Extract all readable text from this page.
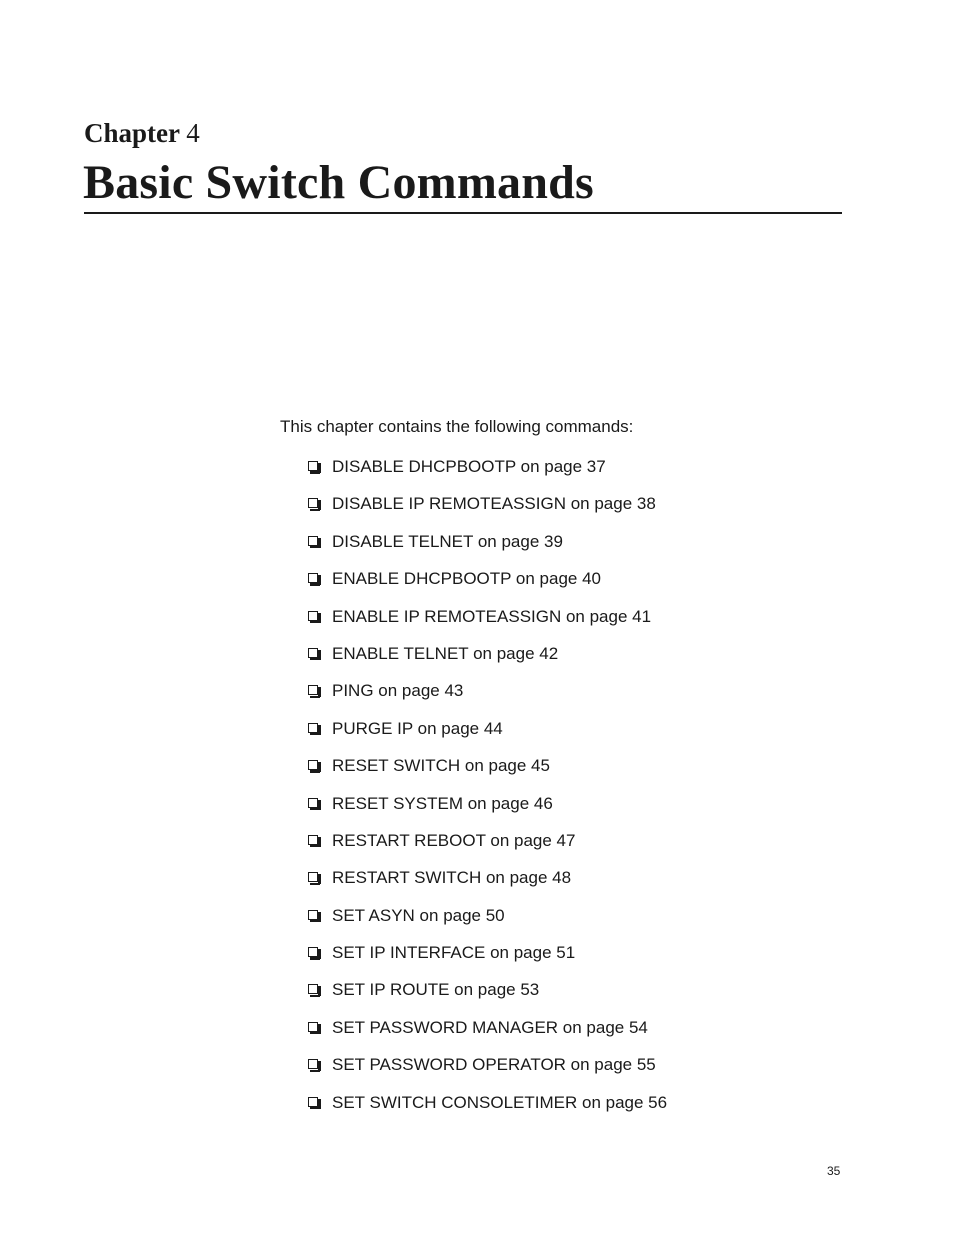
Chapter 4
Basic Switch Commands

This chapter contains the following commands:

DISABLE DHCPBOOTP on page 37
DISABLE IP REMOTEASSIGN on page 38
DISABLE TELNET on page 39
ENABLE DHCPBOOTP on page 40
ENABLE IP REMOTEASSIGN on page 41
ENABLE TELNET on page 42
PING on page 43
PURGE IP on page 44
RESET SWITCH on page 45
RESET SYSTEM on page 46
RESTART REBOOT on page 47
RESTART SWITCH on page 48
SET ASYN on page 50
SET IP INTERFACE on page 51
SET IP ROUTE on page 53
SET PASSWORD MANAGER on page 54
SET PASSWORD OPERATOR on page 55
SET SWITCH CONSOLETIMER on page 56

35
